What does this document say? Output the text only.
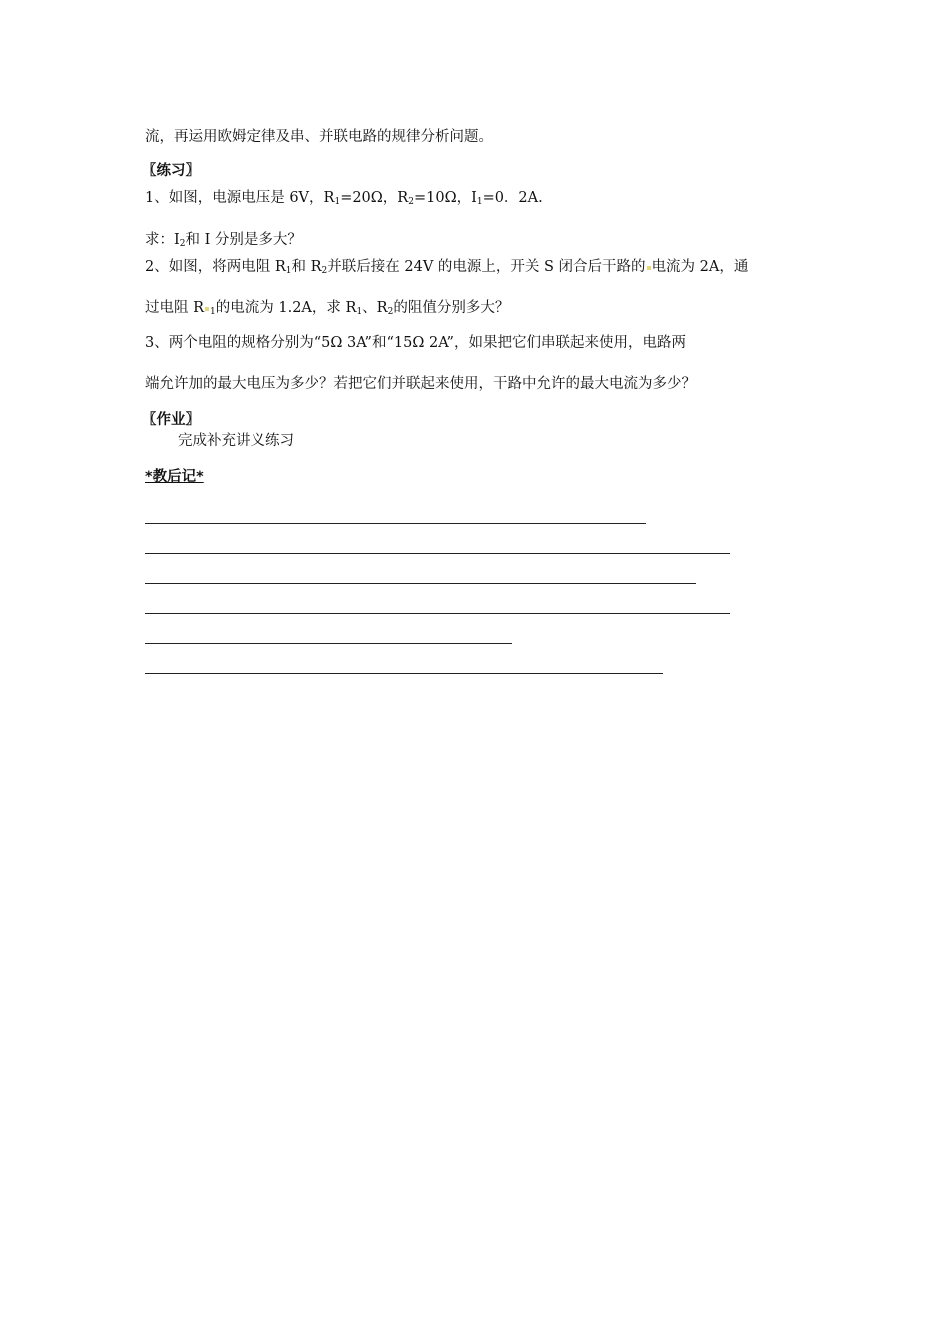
流，再运用欧姆定律及串、并联电路的规律分析问题。
〖练习〗
1、如图，电源电压是 6V，$R_1=20\Omega$，$R_2=10\Omega$，$I_1=0$．2A.
求：$I_2$和 I 分别是多大？
2、如图，将两电阻 $R_1$和 $R_2$并联后接在 24V 的电源上，开关 S 闭合后干路的 电流为 2A，通
过电阻 R $_1$的电流为 1.2A，求 $R_1$、$R_2$的阻值分别多大？
3、两个电阻的规格分别为“5Ω 3A”和“15Ω 2A”，如果把它们串联起来使用，电路两
端允许加的最大电压为多少？若把它们并联起来使用，干路中允许的最大电流为多少？
〖作业〗
完成补充讲义练习
*教后记*
